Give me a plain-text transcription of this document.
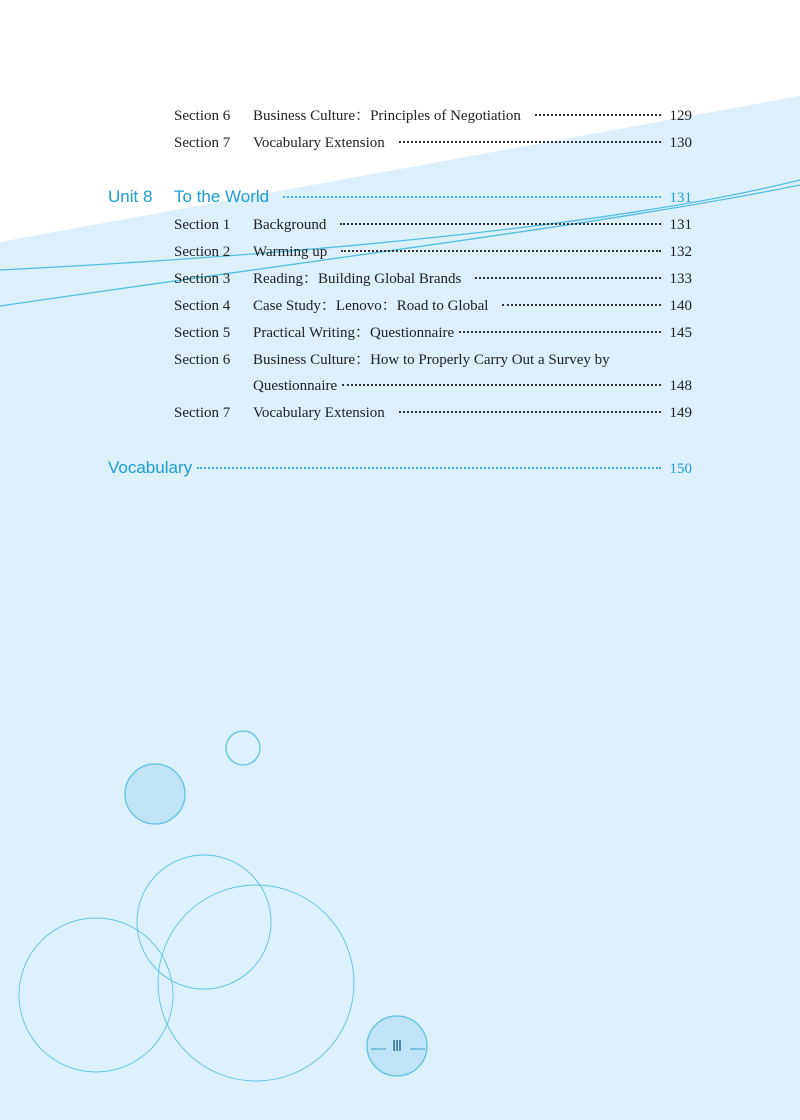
Section 6	Business Culture：Principles of Negotiation	129
Section 7	Vocabulary Extension	130
Unit 8	To the World	131
Section 1	Background	131
Section 2	Warming up	132
Section 3	Reading：Building Global Brands	133
Section 4	Case Study：Lenovo：Road to Global	140
Section 5	Practical Writing：Questionnaire	145
Section 6	Business Culture：How to Properly Carry Out a Survey by
Questionnaire	148
Section 7	Vocabulary Extension	149
Vocabulary	150
Ⅲ
